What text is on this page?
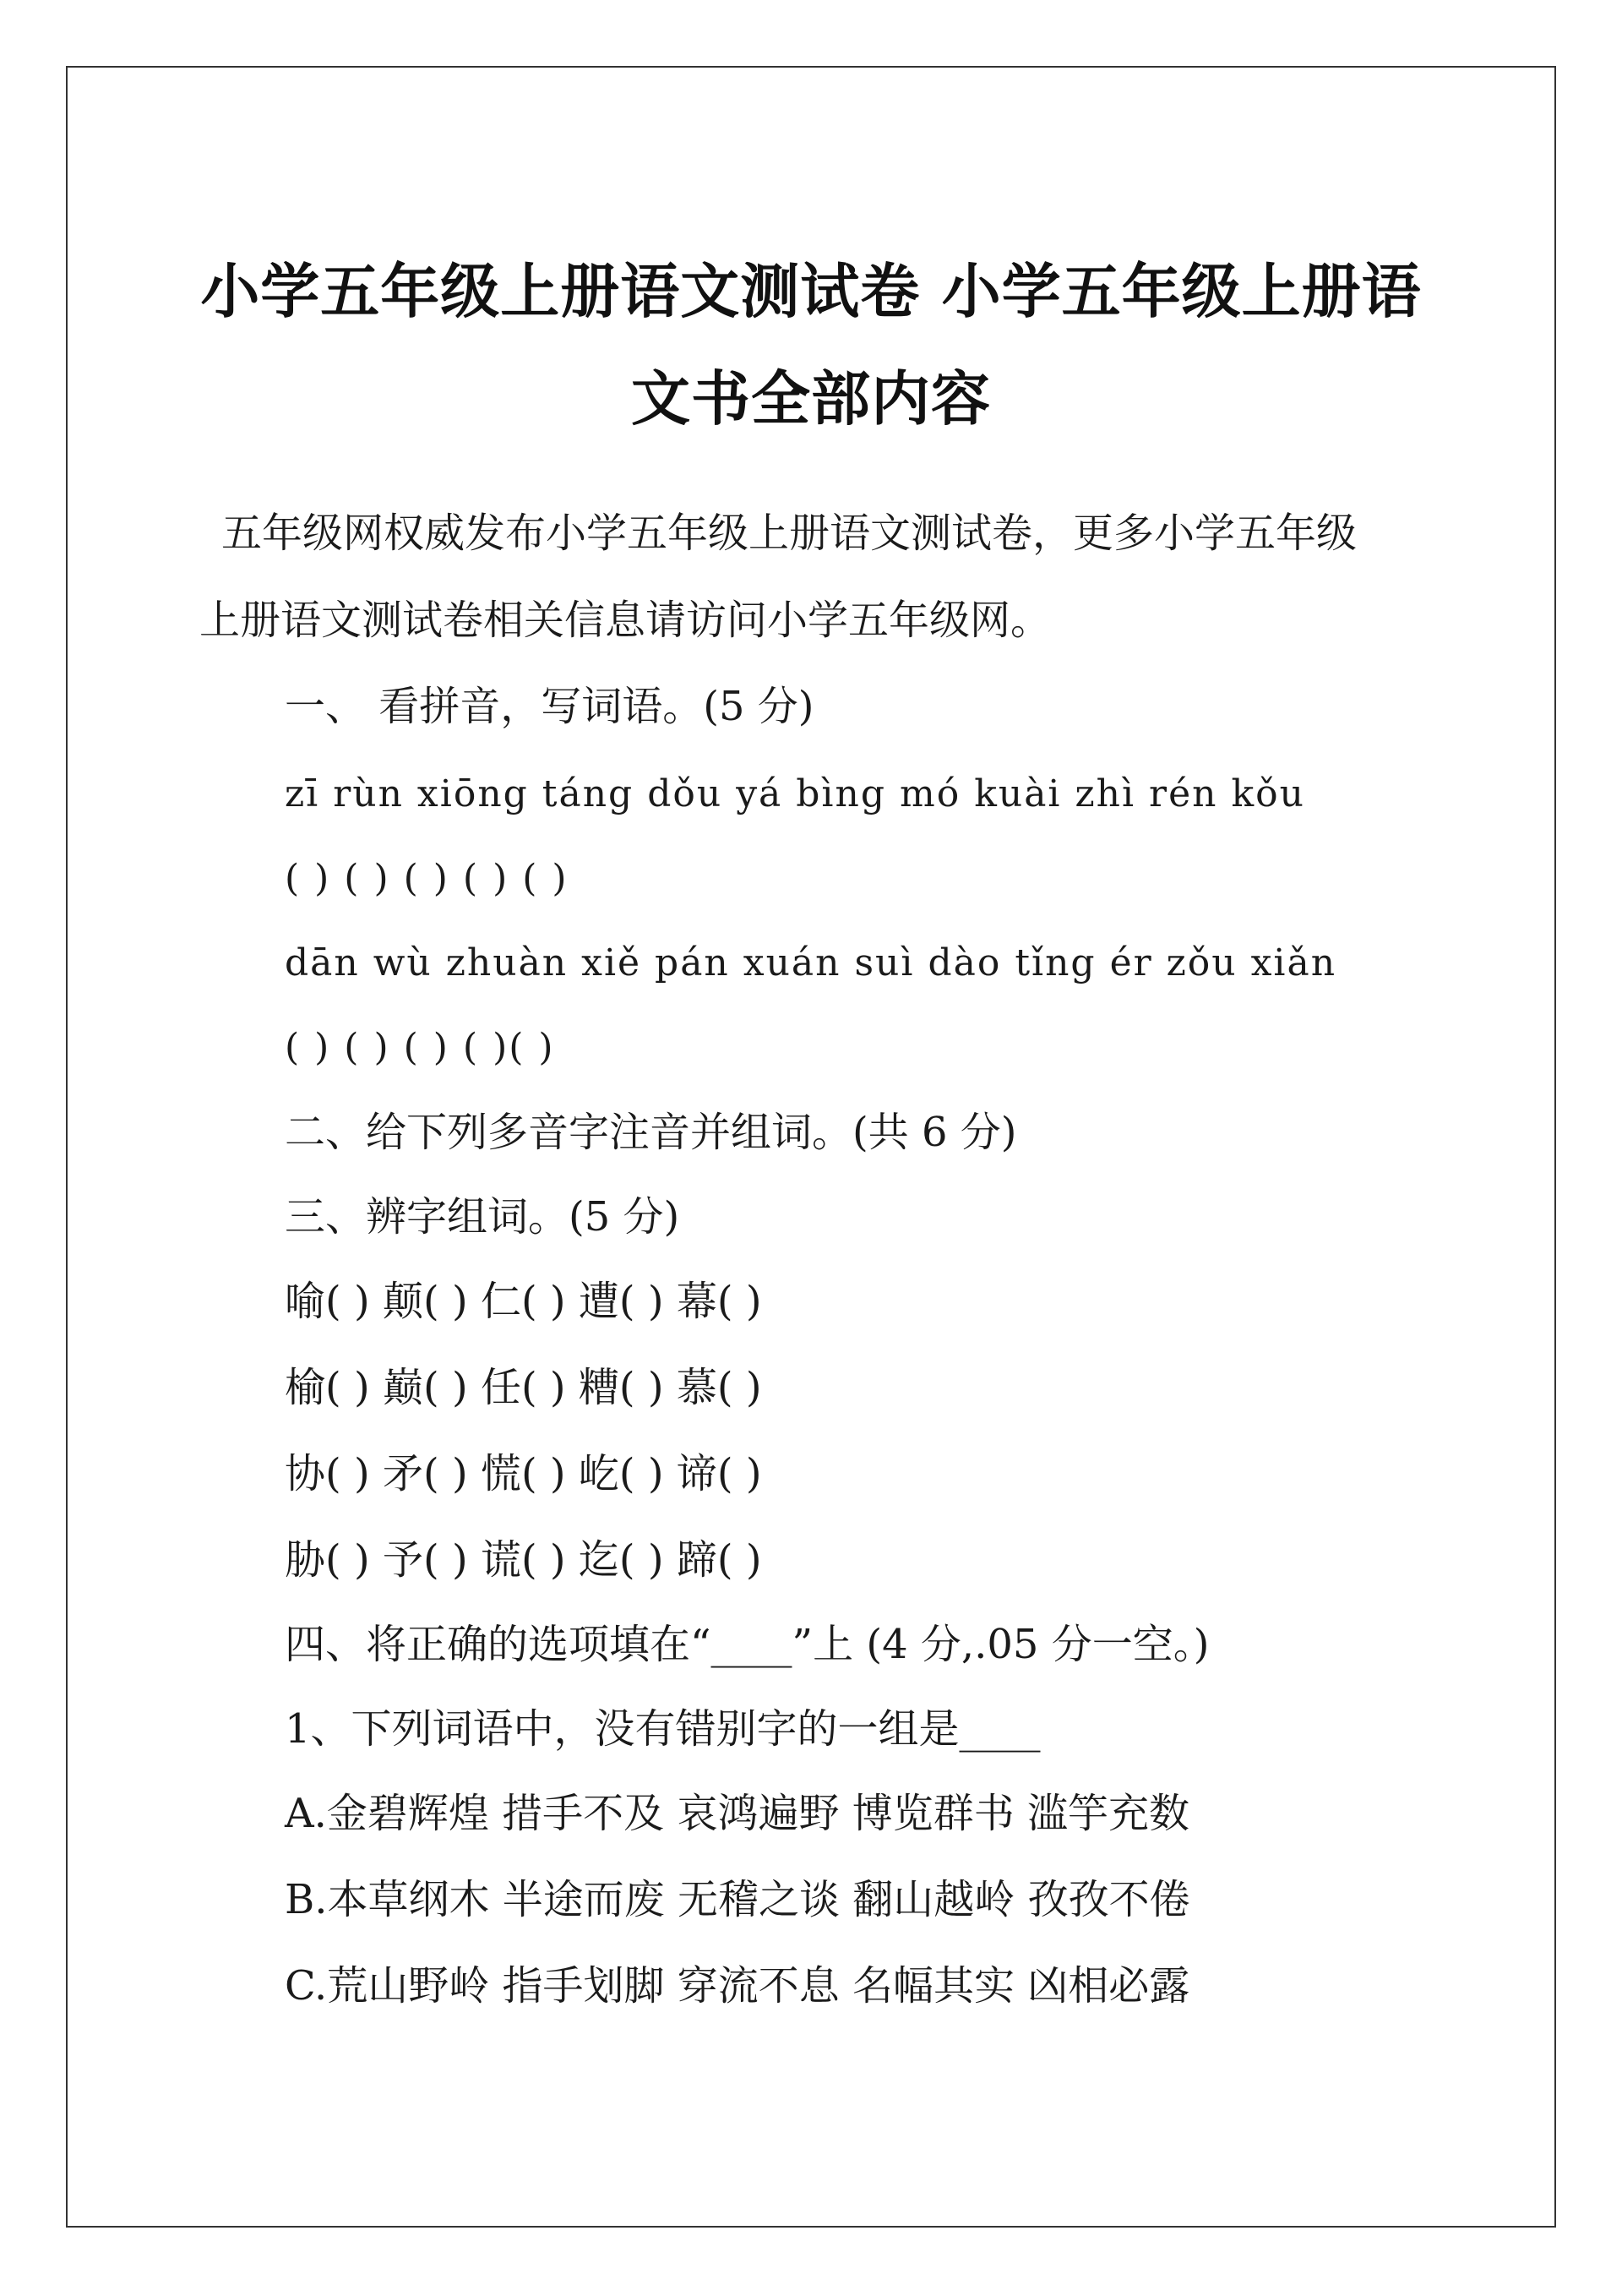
小学五年级上册语文测试卷 小学五年级上册语
文书全部内容
五年级网权威发布小学五年级上册语文测试卷，更多小学五年级
上册语文测试卷相关信息请访问小学五年级网。
一、 看拼音，写词语。(5 分)
zī rùn xiōng táng dǒu yá bìng mó kuài zhì rén kǒu
( ) ( ) ( ) ( ) ( )
dān wù zhuàn xiě pán xuán suì dào tǐng ér zǒu xiǎn
( ) ( ) ( ) ( )( )
二、给下列多音字注音并组词。(共 6 分)
三、辨字组词。(5 分)
喻( ) 颠( ) 仁( ) 遭( ) 幕( )
榆( ) 巅( ) 任( ) 糟( ) 慕( )
协( ) 矛( ) 慌( ) 屹( ) 谛( )
胁( ) 予( ) 谎( ) 迄( ) 蹄( )
四、将正确的选项填在“____”上 (4 分,.05 分一空。)
1、下列词语中，没有错别字的一组是____
A.金碧辉煌 措手不及 哀鸿遍野 博览群书 滥竽充数
B.本草纲木 半途而废 无稽之谈 翻山越岭 孜孜不倦
C.荒山野岭 指手划脚 穿流不息 名幅其实 凶相必露
